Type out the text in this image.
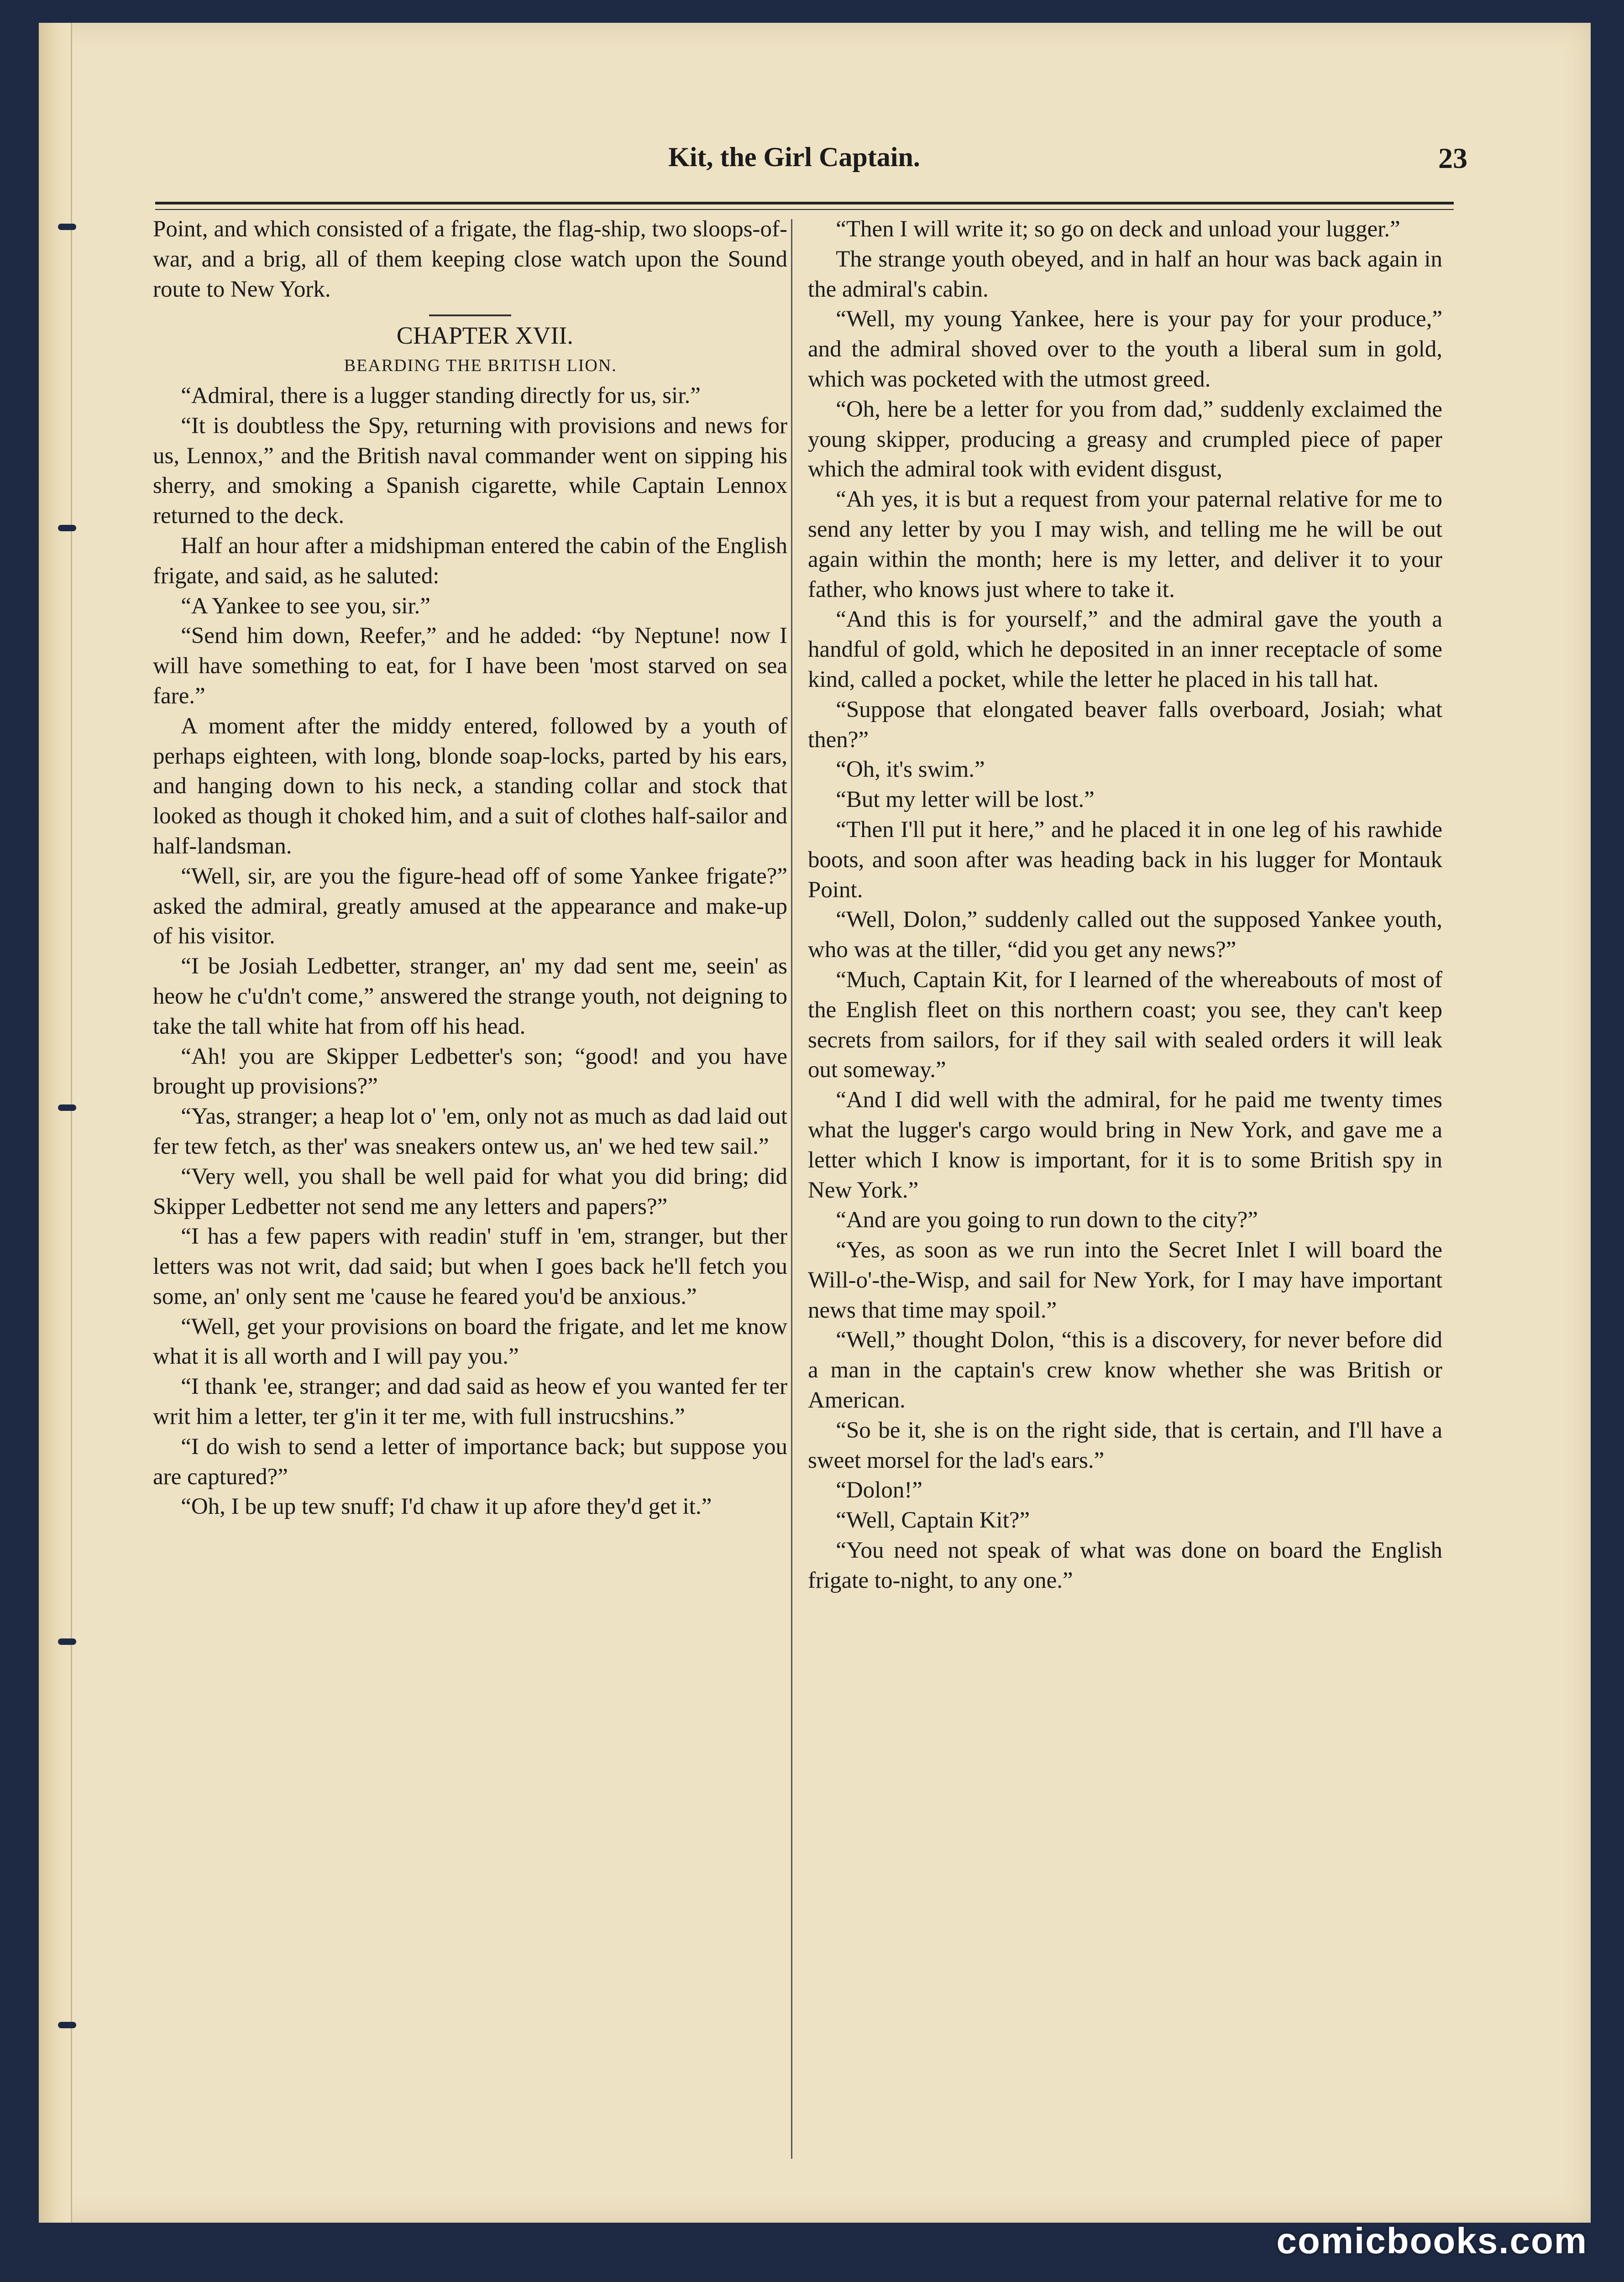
Kit, the Girl Captain.	23

Point, and which consisted of a frigate, the flag-ship, two sloops-of-war, and a brig, all of them keeping close watch upon the Sound route to New York.

CHAPTER XVII.

BEARDING THE BRITISH LION.

“Admiral, there is a lugger standing directly for us, sir.”

“It is doubtless the Spy, returning with provisions and news for us, Lennox,” and the British naval commander went on sipping his sherry, and smoking a Spanish cigarette, while Captain Lennox returned to the deck.

Half an hour after a midshipman entered the cabin of the English frigate, and said, as he saluted:

“A Yankee to see you, sir.”

“Send him down, Reefer,” and he added: “by Neptune! now I will have something to eat, for I have been 'most starved on sea fare.”

A moment after the middy entered, followed by a youth of perhaps eighteen, with long, blonde soap-locks, parted by his ears, and hanging down to his neck, a standing collar and stock that looked as though it choked him, and a suit of clothes half-sailor and half-landsman.

“Well, sir, are you the figure-head off of some Yankee frigate?” asked the admiral, greatly amused at the appearance and make-up of his visitor.

“I be Josiah Ledbetter, stranger, an' my dad sent me, seein' as heow he c'u'dn't come,” answered the strange youth, not deigning to take the tall white hat from off his head.

“Ah! you are Skipper Ledbetter's son; “good! and you have brought up provisions?”

“Yas, stranger; a heap lot o' 'em, only not as much as dad laid out fer tew fetch, as ther' was sneakers ontew us, an' we hed tew sail.”

“Very well, you shall be well paid for what you did bring; did Skipper Ledbetter not send me any letters and papers?”

“I has a few papers with readin' stuff in 'em, stranger, but ther letters was not writ, dad said; but when I goes back he'll fetch you some, an' only sent me 'cause he feared you'd be anxious.”

“Well, get your provisions on board the frigate, and let me know what it is all worth and I will pay you.”

“I thank 'ee, stranger; and dad said as heow ef you wanted fer ter writ him a letter, ter g'in it ter me, with full instrucshins.”

“I do wish to send a letter of importance back; but suppose you are captured?”

“Oh, I be up tew snuff; I'd chaw it up afore they'd get it.”

“Then I will write it; so go on deck and unload your lugger.”

The strange youth obeyed, and in half an hour was back again in the admiral's cabin.

“Well, my young Yankee, here is your pay for your produce,” and the admiral shoved over to the youth a liberal sum in gold, which was pocketed with the utmost greed.

“Oh, here be a letter for you from dad,” suddenly exclaimed the young skipper, producing a greasy and crumpled piece of paper which the admiral took with evident disgust,

“Ah yes, it is but a request from your paternal relative for me to send any letter by you I may wish, and telling me he will be out again within the month; here is my letter, and deliver it to your father, who knows just where to take it.

“And this is for yourself,” and the admiral gave the youth a handful of gold, which he deposited in an inner receptacle of some kind, called a pocket, while the letter he placed in his tall hat.

“Suppose that elongated beaver falls overboard, Josiah; what then?”

“Oh, it's swim.”

“But my letter will be lost.”

“Then I'll put it here,” and he placed it in one leg of his rawhide boots, and soon after was heading back in his lugger for Montauk Point.

“Well, Dolon,” suddenly called out the supposed Yankee youth, who was at the tiller, “did you get any news?”

“Much, Captain Kit, for I learned of the whereabouts of most of the English fleet on this northern coast; you see, they can't keep secrets from sailors, for if they sail with sealed orders it will leak out someway.”

“And I did well with the admiral, for he paid me twenty times what the lugger's cargo would bring in New York, and gave me a letter which I know is important, for it is to some British spy in New York.”

“And are you going to run down to the city?”

“Yes, as soon as we run into the Secret Inlet I will board the Will-o'-the-Wisp, and sail for New York, for I may have important news that time may spoil.”

“Well,” thought Dolon, “this is a discovery, for never before did a man in the captain's crew know whether she was British or American.

“So be it, she is on the right side, that is certain, and I'll have a sweet morsel for the lad's ears.”

“Dolon!”

“Well, Captain Kit?”

“You need not speak of what was done on board the English frigate to-night, to any one.”

comicbooks.com
